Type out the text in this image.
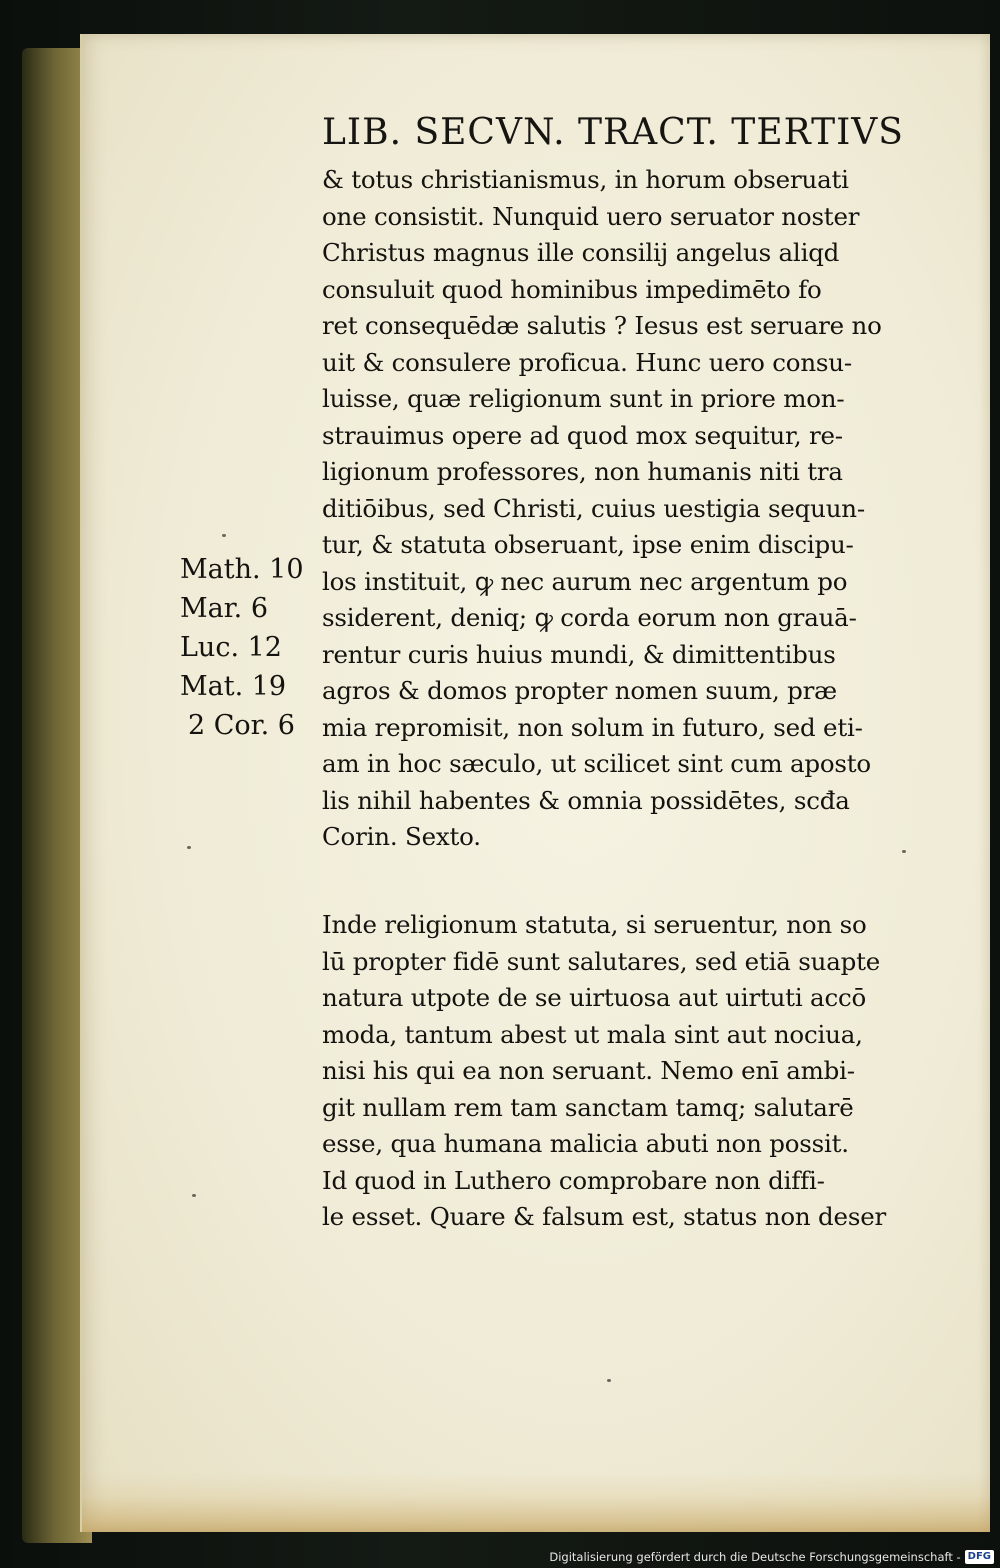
LIB. SECVN. TRACT. TERTIVS
& totus christianismus, in horum obseruati
one consistit. Nunquid uero seruator noster
Christus magnus ille consilij angelus aliqd
consuluit quod hominibus impedimēto fo
ret consequēdæ salutis ? Iesus est seruare no
uit & consulere proficua. Hunc uero consu-
luisse, quæ religionum sunt in priore mon-
strauimus opere ad quod mox sequitur, re-
ligionum professores, non humanis niti tra
ditiōibus, sed Christi, cuius uestigia sequun-
tur, & statuta obseruant, ipse enim discipu-
los instituit, ꝙ nec aurum nec argentum po
ssiderent, deniq; ꝙ corda eorum non grauā-
rentur curis huius mundi, & dimittentibus
agros & domos propter nomen suum, præ
mia repromisit, non solum in futuro, sed eti-
am in hoc sæculo, ut scilicet sint cum aposto
lis nihil habentes & omnia possidētes, scđa
Corin. Sexto.
Math. 10
Mar. 6
Luc. 12
Mat. 19
2 Cor. 6
Inde religionum statuta, si seruentur, non so
lū propter fidē sunt salutares, sed etiā suapte
natura utpote de se uirtuosa aut uirtuti accō
moda, tantum abest ut mala sint aut nociua,
nisi his qui ea non seruant. Nemo enī ambi-
git nullam rem tam sanctam tamq; salutarē
esse, qua humana malicia abuti non possit.
Id quod in Luthero comprobare non diffi-
le esset. Quare & falsum est, status non deser
Digitalisierung gefördert durch die Deutsche Forschungsgemeinschaft - DFG
